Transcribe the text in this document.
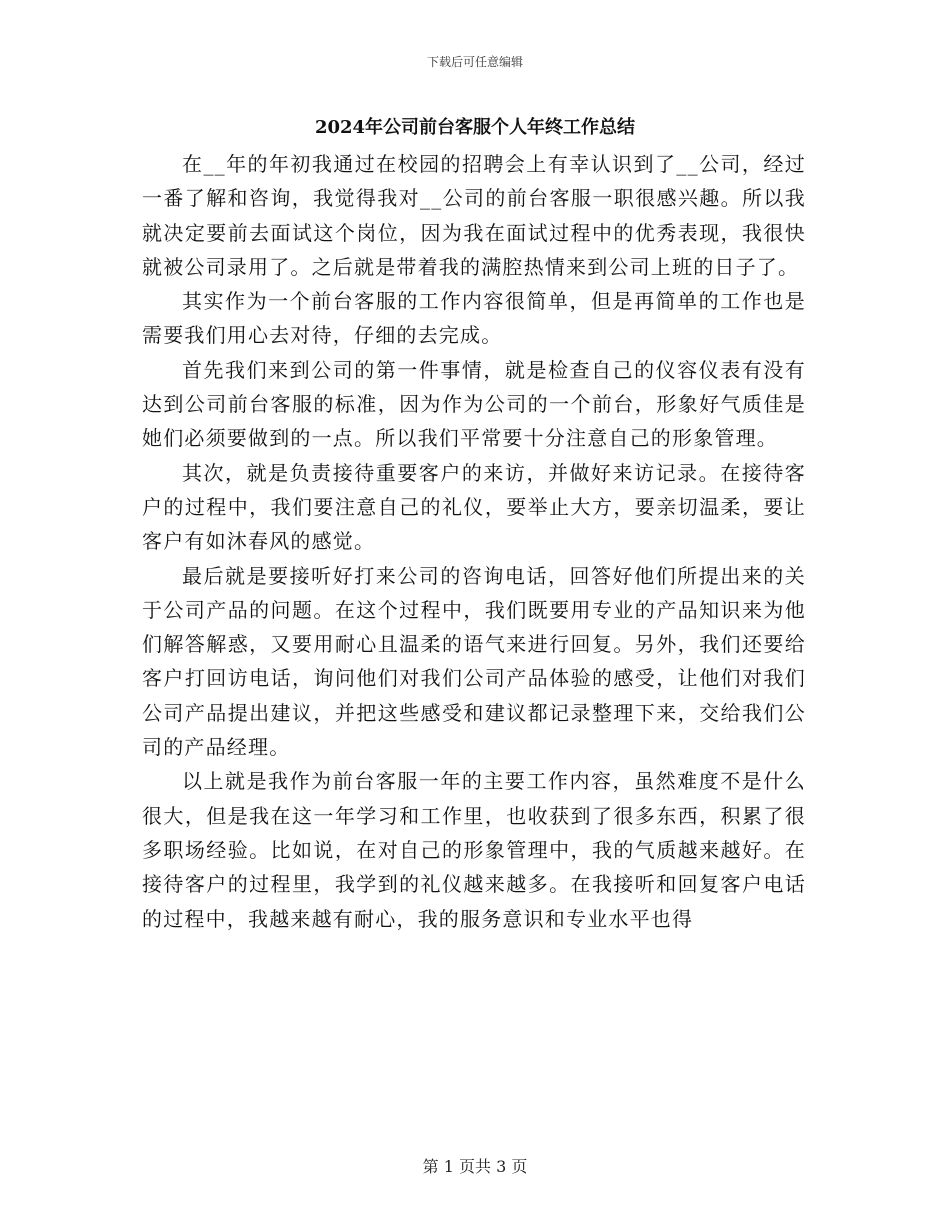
下载后可任意编辑
2024年公司前台客服个人年终工作总结

在__年的年初我通过在校园的招聘会上有幸认识到了__公司，经过一番了解和咨询，我觉得我对__公司的前台客服一职很感兴趣。所以我就决定要前去面试这个岗位，因为我在面试过程中的优秀表现，我很快就被公司录用了。之后就是带着我的满腔热情来到公司上班的日子了。

其实作为一个前台客服的工作内容很简单，但是再简单的工作也是需要我们用心去对待，仔细的去完成。

首先我们来到公司的第一件事情，就是检查自己的仪容仪表有没有达到公司前台客服的标准，因为作为公司的一个前台，形象好气质佳是她们必须要做到的一点。所以我们平常要十分注意自己的形象管理。

其次，就是负责接待重要客户的来访，并做好来访记录。在接待客户的过程中，我们要注意自己的礼仪，要举止大方，要亲切温柔，要让客户有如沐春风的感觉。

最后就是要接听好打来公司的咨询电话，回答好他们所提出来的关于公司产品的问题。在这个过程中，我们既要用专业的产品知识来为他们解答解惑，又要用耐心且温柔的语气来进行回复。另外，我们还要给客户打回访电话，询问他们对我们公司产品体验的感受，让他们对我们公司产品提出建议，并把这些感受和建议都记录整理下来，交给我们公司的产品经理。

以上就是我作为前台客服一年的主要工作内容，虽然难度不是什么很大，但是我在这一年学习和工作里，也收获到了很多东西，积累了很多职场经验。比如说，在对自己的形象管理中，我的气质越来越好。在接待客户的过程里，我学到的礼仪越来越多。在我接听和回复客户电话的过程中，我越来越有耐心，我的服务意识和专业水平也得

第 1 页共 3 页
